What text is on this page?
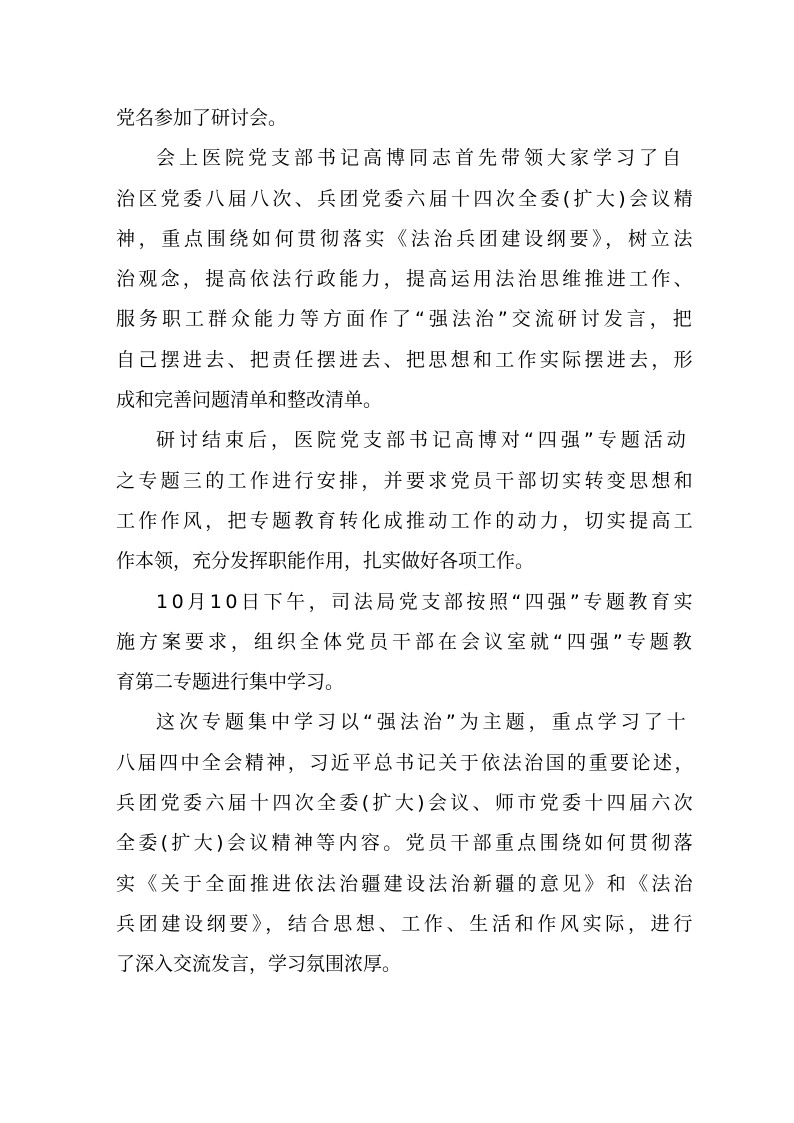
党名参加了研讨会。
会上医院党支部书记高博同志首先带领大家学习了自
治区党委八届八次、兵团党委六届十四次全委(扩大)会议精
神，重点围绕如何贯彻落实《法治兵团建设纲要》，树立法
治观念，提高依法行政能力，提高运用法治思维推进工作、
服务职工群众能力等方面作了“强法治”交流研讨发言，把
自己摆进去、把责任摆进去、把思想和工作实际摆进去，形
成和完善问题清单和整改清单。
研讨结束后，医院党支部书记高博对“四强”专题活动
之专题三的工作进行安排，并要求党员干部切实转变思想和
工作作风，把专题教育转化成推动工作的动力，切实提高工
作本领，充分发挥职能作用，扎实做好各项工作。
10月10日下午，司法局党支部按照“四强”专题教育实
施方案要求，组织全体党员干部在会议室就“四强”专题教
育第二专题进行集中学习。
这次专题集中学习以“强法治”为主题，重点学习了十
八届四中全会精神，习近平总书记关于依法治国的重要论述，
兵团党委六届十四次全委(扩大)会议、师市党委十四届六次
全委(扩大)会议精神等内容。党员干部重点围绕如何贯彻落
实《关于全面推进依法治疆建设法治新疆的意见》和《法治
兵团建设纲要》，结合思想、工作、生活和作风实际，进行
了深入交流发言，学习氛围浓厚。
